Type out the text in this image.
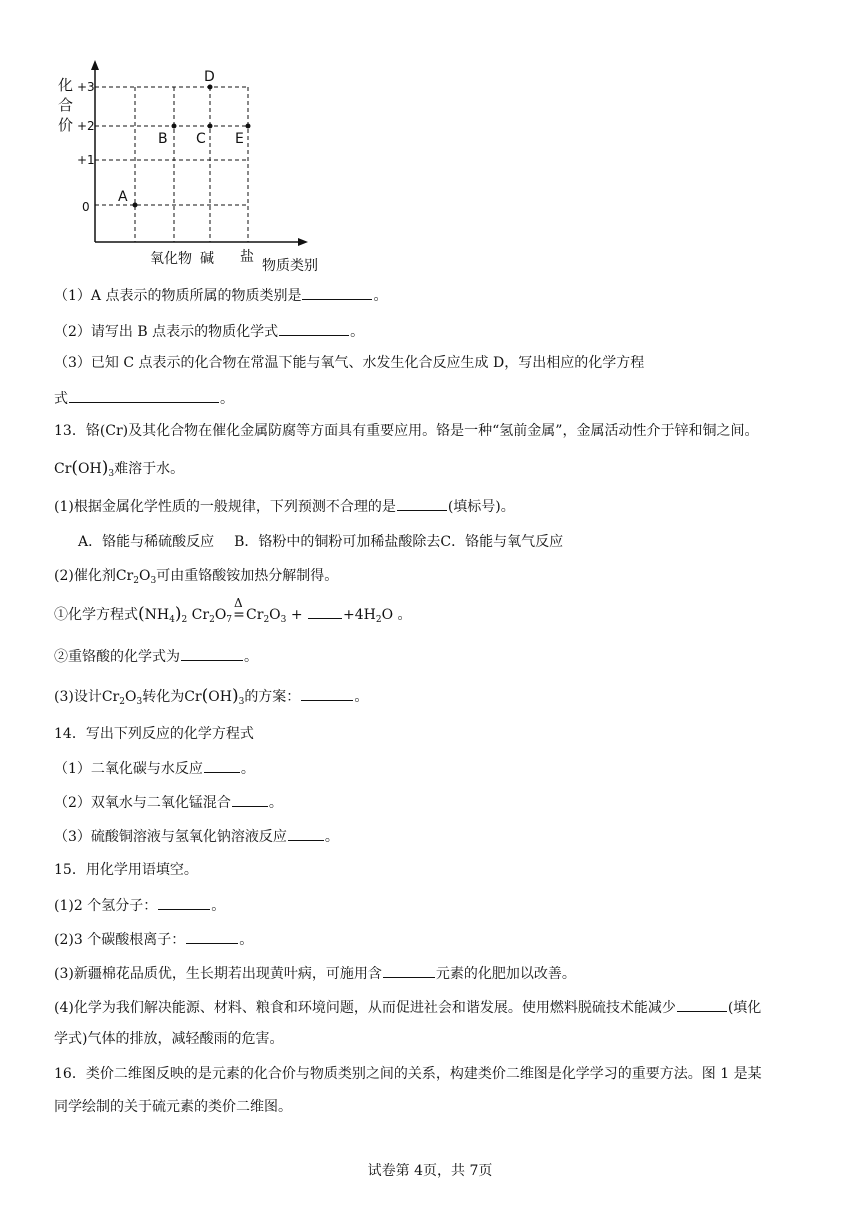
化
合
价
+3
+2
+1
0
A
B C
D
E
氧化物 碱 盐
物质类别
（1）A 点表示的物质所属的物质类别是	。
（2）请写出 B 点表示的物质化学式	。
（3）已知 C 点表示的化合物在常温下能与氧气、水发生化合反应生成 D，写出相应的化学方程
式	。
13．铬(Cr)及其化合物在催化金属防腐等方面具有重要应用。铬是一种“氢前金属”，金属活动性介于锌和铜之间。
$Cr(OH)_3$难溶于水。
(1)根据金属化学性质的一般规律，下列预测不合理的是	(填标号)。
A．铬能与稀硫酸反应 B．铬粉中的铜粉可加稀盐酸除去C．铬能与氧气反应
(2)催化剂$Cr_2O_3$可由重铬酸铵加热分解制得。
①化学方程式$(NH_4)_2$ $Cr_2O_7$
Δ
$=Cr_2O_3$ +	$+4H_2O$ 。
②重铬酸的化学式为	。
(3)设计$Cr_2O_3$转化为$Cr(OH)_3$的方案：	。
14．写出下列反应的化学方程式
（1）二氧化碳与水反应	。
（2）双氧水与二氧化锰混合	。
（3）硫酸铜溶液与氢氧化钠溶液反应	。
15．用化学用语填空。
(1)2 个氢分子：	。
(2)3 个碳酸根离子：	。
(3)新疆棉花品质优，生长期若出现黄叶病，可施用含	元素的化肥加以改善。
(4)化学为我们解决能源、材料、粮食和环境问题，从而促进社会和谐发展。使用燃料脱硫技术能减少	(填化
学式)气体的排放，减轻酸雨的危害。
16．类价二维图反映的是元素的化合价与物质类别之间的关系，构建类价二维图是化学学习的重要方法。图 1 是某
同学绘制的关于硫元素的类价二维图。
试卷第 4页，共 7页
